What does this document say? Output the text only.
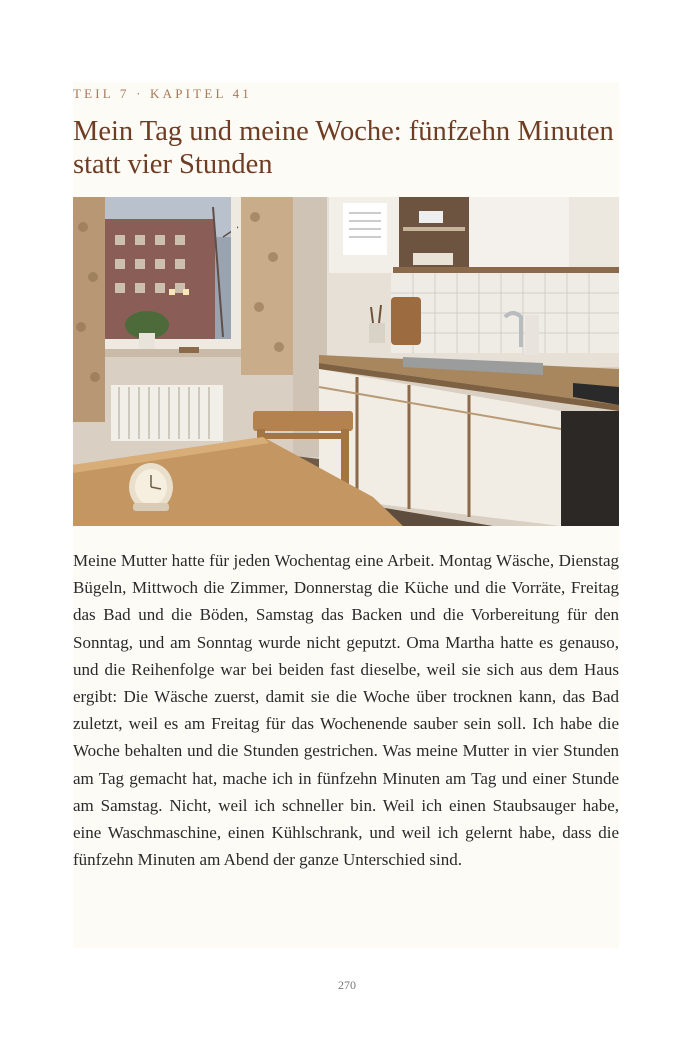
TEIL 7 · KAPITEL 41
Mein Tag und meine Woche: fünfzehn Minuten statt vier Stunden

Meine Mutter hatte für jeden Wochentag eine Arbeit. Montag Wäsche, Dienstag Bügeln, Mittwoch die Zimmer, Donnerstag die Küche und die Vorräte, Freitag das Bad und die Böden, Samstag das Backen und die Vorbereitung für den Sonntag, und am Sonntag wurde nicht geputzt. Oma Martha hatte es genauso, und die Reihenfolge war bei beiden fast dieselbe, weil sie sich aus dem Haus ergibt: Die Wäsche zuerst, damit sie die Woche über trocknen kann, das Bad zuletzt, weil es am Freitag für das Wochenende sauber sein soll. Ich habe die Woche behalten und die Stunden gestrichen. Was meine Mutter in vier Stunden am Tag gemacht hat, mache ich in fünfzehn Minuten am Tag und einer Stunde am Samstag. Nicht, weil ich schneller bin. Weil ich einen Staubsauger habe, eine Waschmaschine, einen Kühlschrank, und weil ich gelernt habe, dass die fünfzehn Minuten am Abend der ganze Unterschied sind.

270
